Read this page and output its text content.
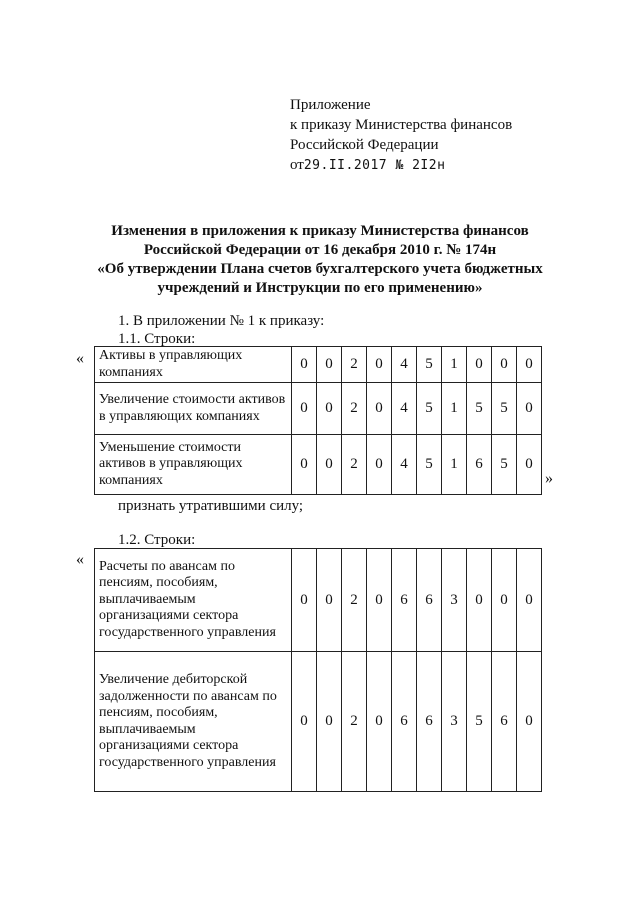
Приложение
к приказу Министерства финансов
Российской Федерации
от29.II.2017 № 2I2н
Изменения в приложения к приказу Министерства финансов
Российской Федерации от 16 декабря 2010 г. № 174н
«Об утверждении Плана счетов бухгалтерского учета бюджетных
учреждений и Инструкции по его применению»
1. В приложении № 1 к приказу:
1.1. Строки:
« Активы в управляющих компаниях	0	0	2	0	4	5	1	0	0	0
Увеличение стоимости активов в управляющих компаниях	0	0	2	0	4	5	1	5	5	0
Уменьшение стоимости активов в управляющих компаниях	0	0	2	0	4	5	1	6	5	0
»
признать утратившими силу;
1.2. Строки:
« Расчеты по авансам по пенсиям, пособиям, выплачиваемым организациями сектора государственного управления	0	0	2	0	6	6	3	0	0	0
Увеличение дебиторской задолженности по авансам по пенсиям, пособиям, выплачиваемым организациями сектора государственного управления	0	0	2	0	6	6	3	5	6	0
